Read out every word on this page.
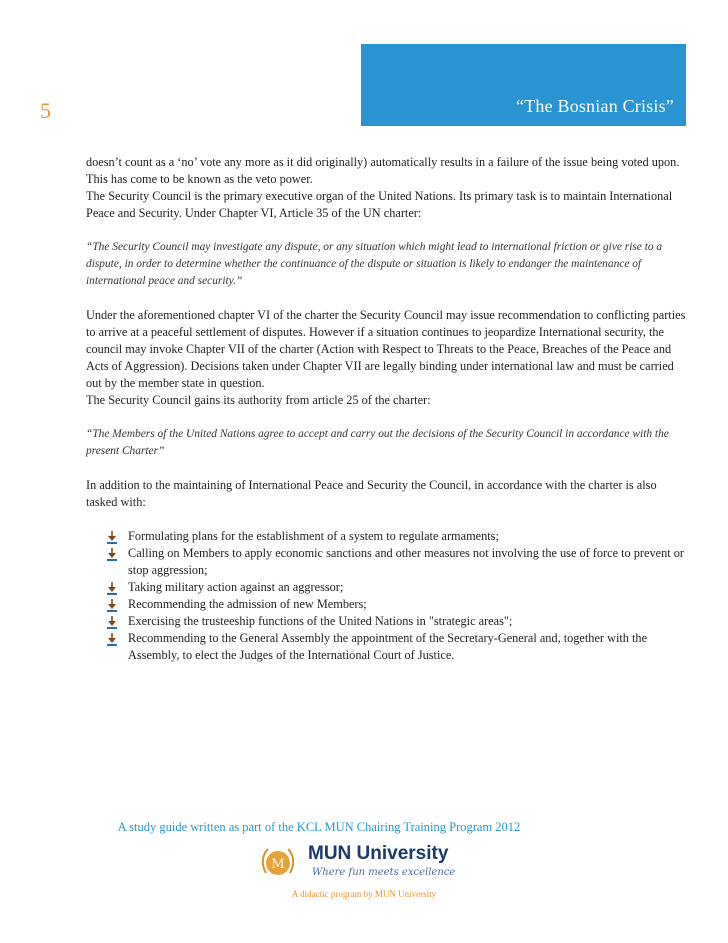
“The Bosnian Crisis”
5

doesn’t count as a ‘no’ vote any more as it did originally) automatically results in a failure of the issue being voted upon. This has come to be known as the veto power.

The Security Council is the primary executive organ of the United Nations. Its primary task is to maintain International Peace and Security. Under Chapter VI, Article 35 of the UN charter:

“The Security Council may investigate any dispute, or any situation which might lead to international friction or give rise to a dispute, in order to determine whether the continuance of the dispute or situation is likely to endanger the maintenance of international peace and security.”

Under the aforementioned chapter VI of the charter the Security Council may issue recommendation to conflicting parties to arrive at a peaceful settlement of disputes. However if a situation continues to jeopardize International security, the council may invoke Chapter VII of the charter (Action with Respect to Threats to the Peace, Breaches of the Peace and Acts of Aggression). Decisions taken under Chapter VII are legally binding under international law and must be carried out by the member state in question.

The Security Council gains its authority from article 25 of the charter:

“The Members of the United Nations agree to accept and carry out the decisions of the Security Council in accordance with the present Charter”

In addition to the maintaining of International Peace and Security the Council, in accordance with the charter is also tasked with:

Formulating plans for the establishment of a system to regulate armaments;
Calling on Members to apply economic sanctions and other measures not involving the use of force to prevent or stop aggression;
Taking military action against an aggressor;
Recommending the admission of new Members;
Exercising the trusteeship functions of the United Nations in "strategic areas";
Recommending to the General Assembly the appointment of the Secretary-General and, together with the Assembly, to elect the Judges of the International Court of Justice.
A study guide written as part of the KCL MUN Chairing Training Program 2012
M
MUN University
Where fun meets excellence
A didactic program by MUN University
